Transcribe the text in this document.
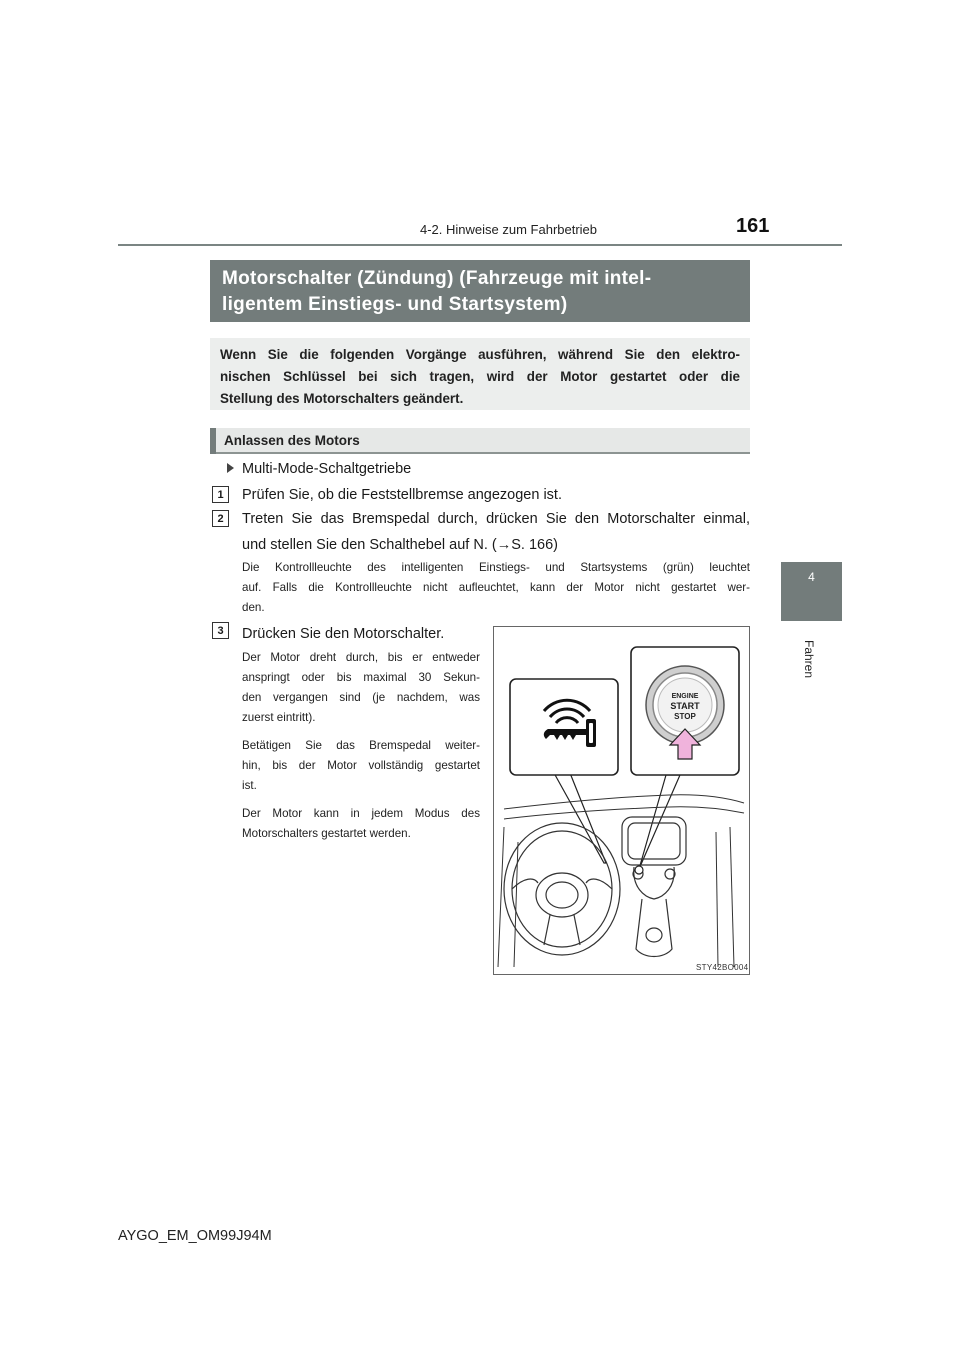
4-2. Hinweise zum Fahrbetrieb	161
4
Fahren
Motorschalter (Zündung) (Fahrzeuge mit intel-
ligentem Einstiegs- und Startsystem)
Wenn Sie die folgenden Vorgänge ausführen, während Sie den elektro-
nischen Schlüssel bei sich tragen, wird der Motor gestartet oder die
Stellung des Motorschalters geändert.
Anlassen des Motors
Multi-Mode-Schaltgetriebe
1	Prüfen Sie, ob die Feststellbremse angezogen ist.
2	Treten Sie das Bremspedal durch, drücken Sie den Motorschalter einmal,
und stellen Sie den Schalthebel auf N. (→S. 166)
Die Kontrollleuchte des intelligenten Einstiegs- und Startsystems (grün) leuchtet
auf. Falls die Kontrollleuchte nicht aufleuchtet, kann der Motor nicht gestartet wer-
den.
3	Drücken Sie den Motorschalter.
Der Motor dreht durch, bis er entweder
anspringt oder bis maximal 30 Sekun-
den vergangen sind (je nachdem, was
zuerst eintritt).
Betätigen Sie das Bremspedal weiter-
hin, bis der Motor vollständig gestartet
ist.
Der Motor kann in jedem Modus des
Motorschalters gestartet werden.
ENGINE
START
STOP
STY42BO004
AYGO_EM_OM99J94M
